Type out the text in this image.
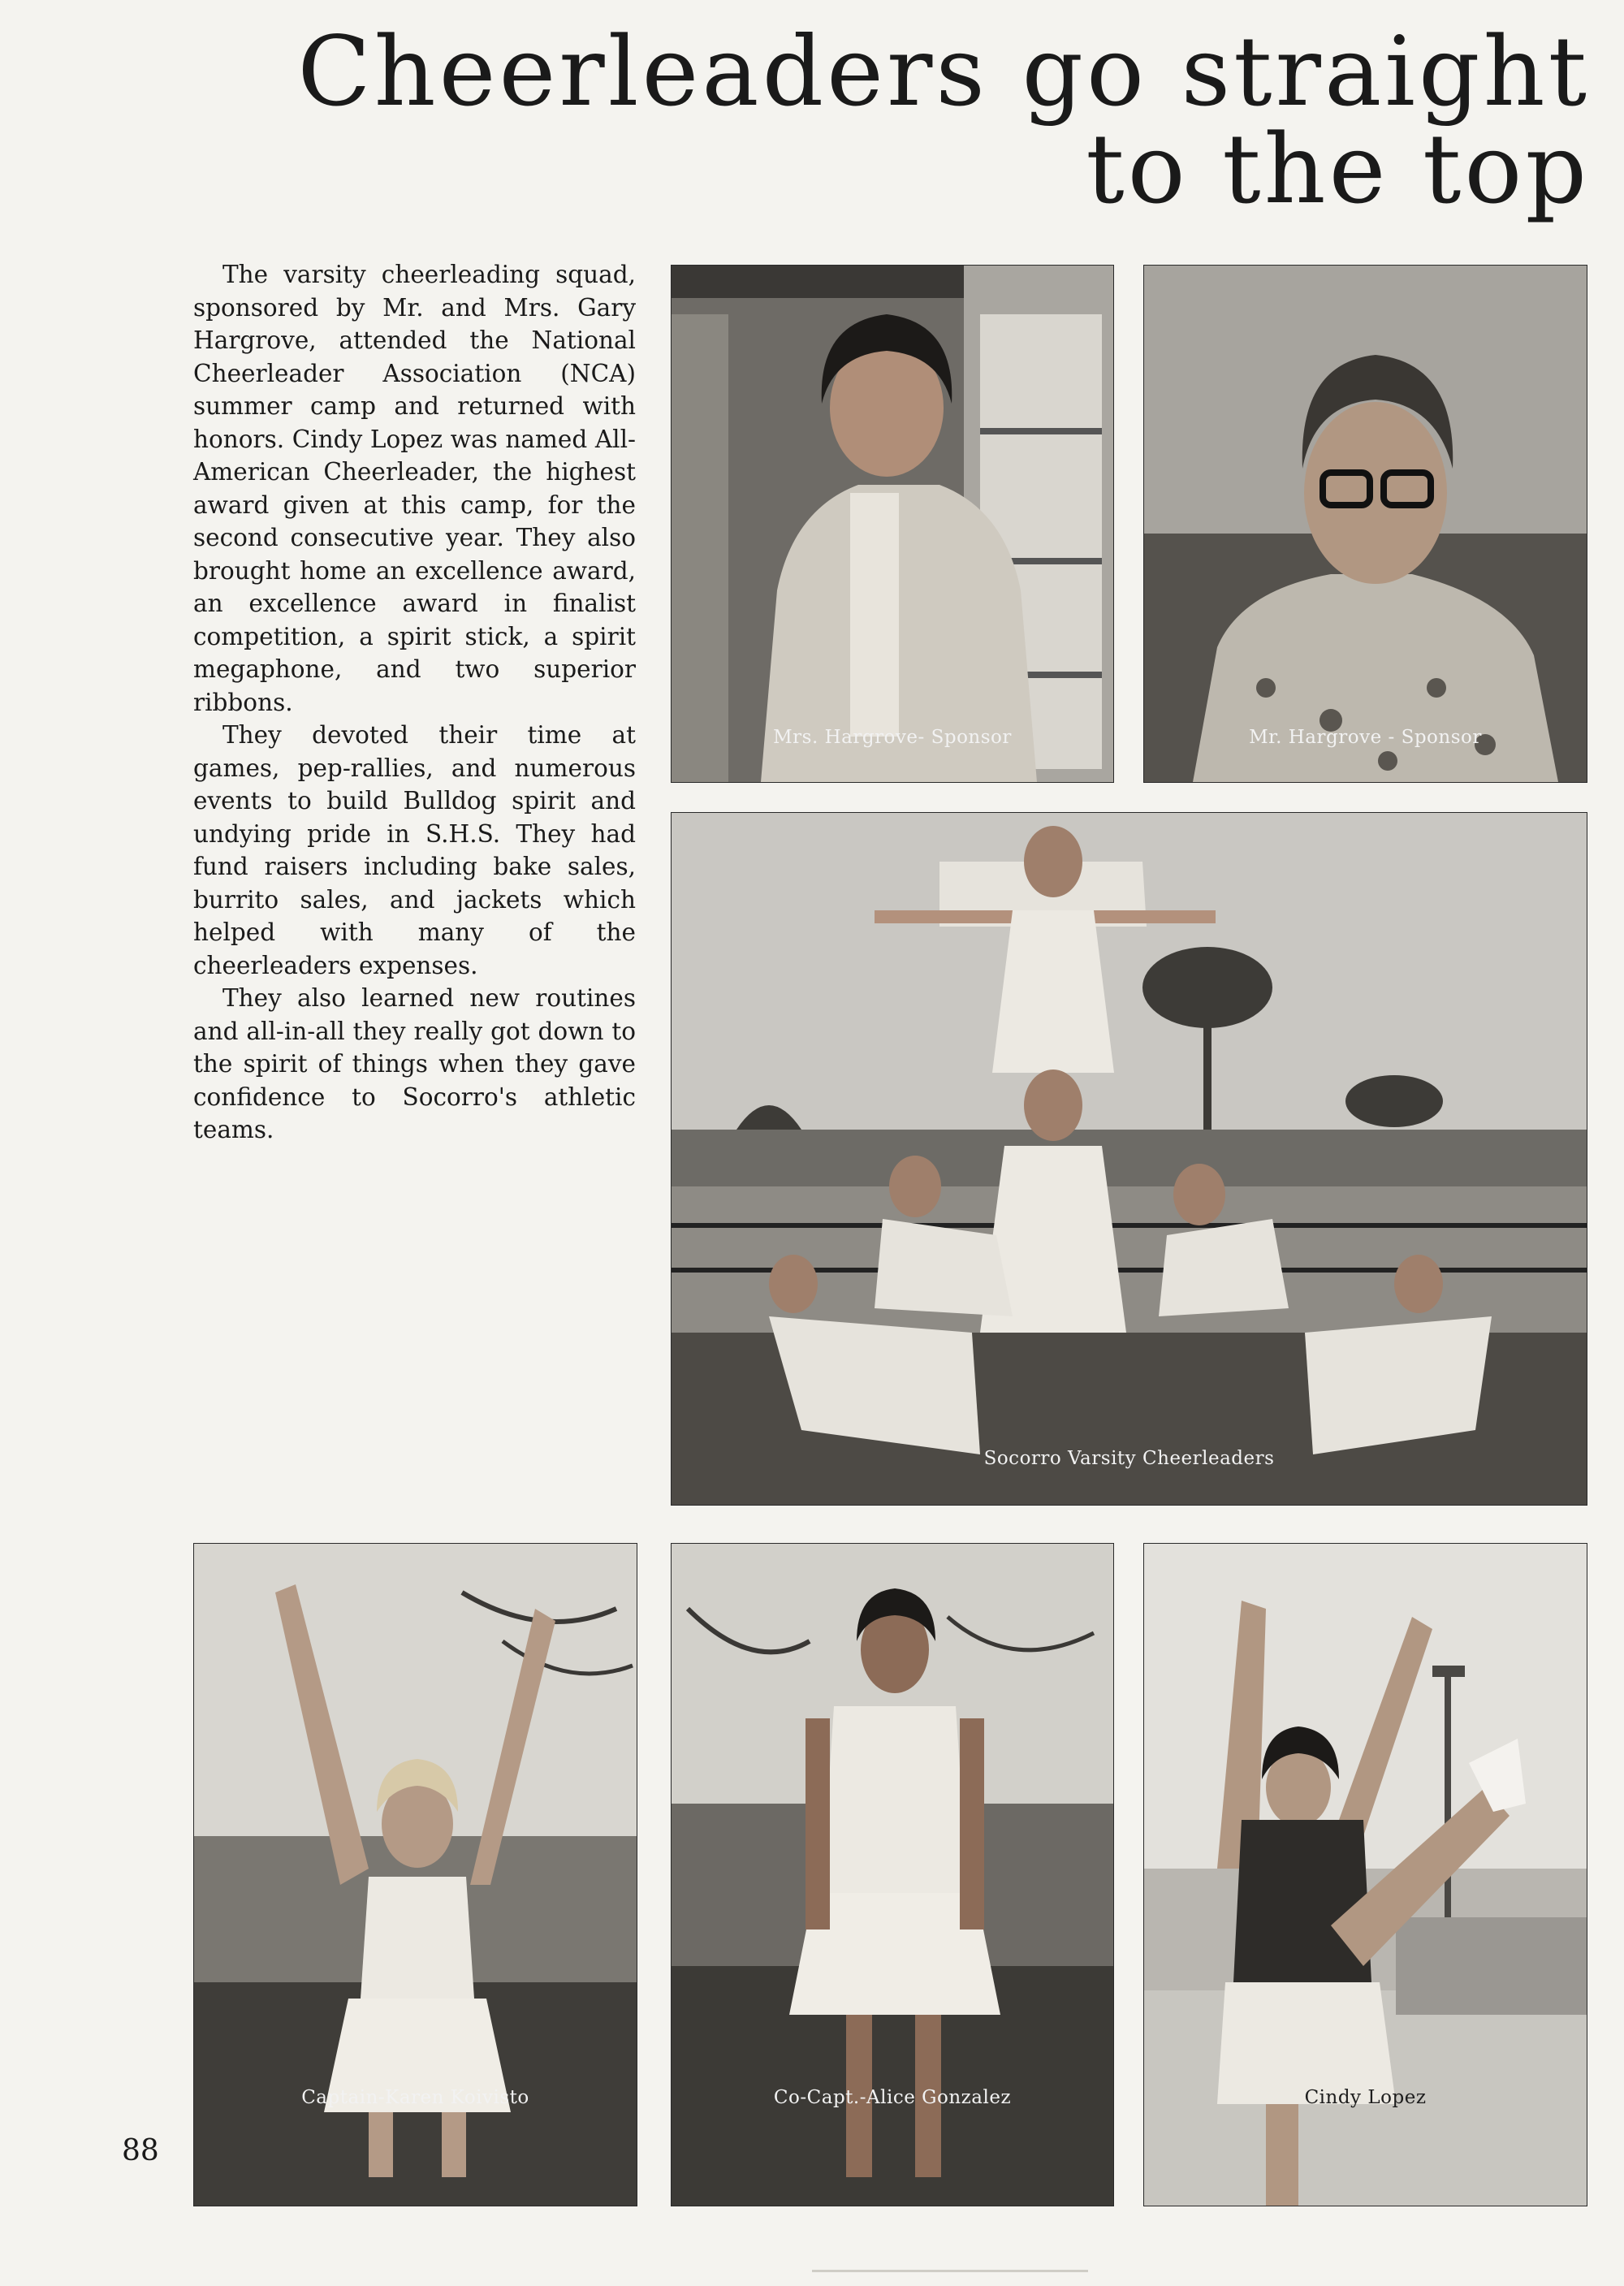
Cheerleaders go straight to the top

The varsity cheerleading squad, sponsored by Mr. and Mrs. Gary Hargrove, attended the National Cheerleader Association (NCA) summer camp and returned with honors. Cindy Lopez was named All-American Cheerleader, the highest award given at this camp, for the second consecutive year. They also brought home an excellence award, an excellence award in finalist competition, a spirit stick, a spirit megaphone, and two superior ribbons.

They devoted their time at games, pep-rallies, and numerous events to build Bulldog spirit and undying pride in S.H.S. They had fund raisers including bake sales, burrito sales, and jackets which helped with many of the cheerleaders expenses.

They also learned new routines and all-in-all they really got down to the spirit of things when they gave confidence to Socorro's athletic teams.

Mrs. Hargrove- Sponsor	Mr. Hargrove - Sponsor
Socorro Varsity Cheerleaders
Captain-Karen Koivisto	Co-Capt.-Alice Gonzalez	Cindy Lopez
88
